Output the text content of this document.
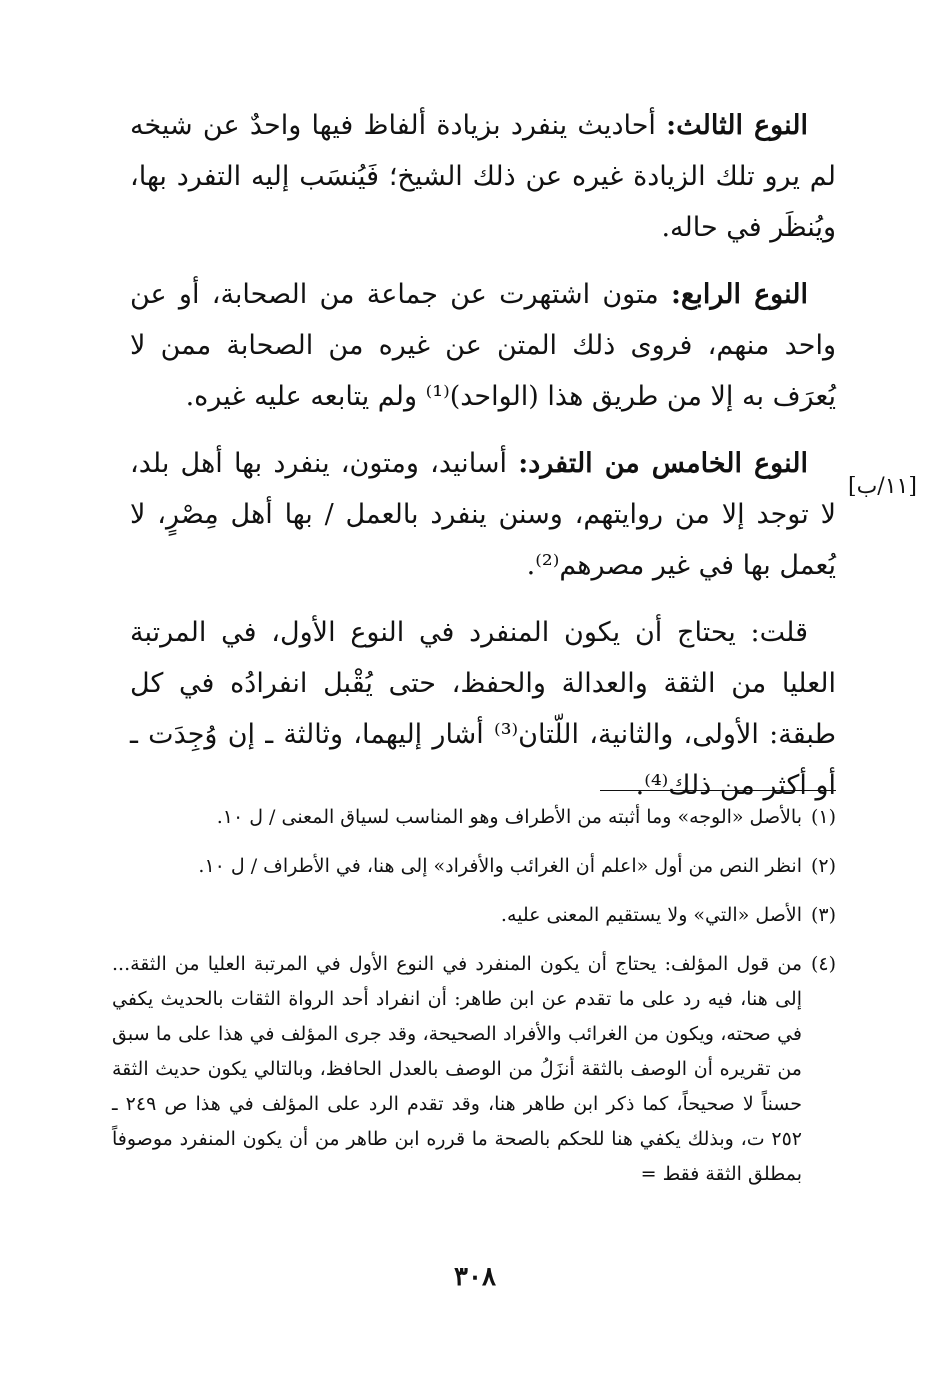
النوع الثالث: أحاديث ينفرد بزيادة ألفاظ فيها واحدٌ عن شيخه لم يرو تلك الزيادة غيره عن ذلك الشيخ؛ فَيُنسَب إليه التفرد بها، ويُنظَر في حاله.

النوع الرابع: متون اشتهرت عن جماعة من الصحابة، أو عن واحد منهم، فروى ذلك المتن عن غيره من الصحابة ممن لا يُعرَف به إلا من طريق هذا (الواحد)⁽¹⁾ ولم يتابعه عليه غيره.

النوع الخامس من التفرد: أسانيد، ومتون، ينفرد بها أهل بلد، لا توجد إلا من روايتهم، وسنن ينفرد بالعمل / بها أهل مِصْرٍ، لا يُعمل بها في غير مصرهم⁽²⁾.

قلت: يحتاج أن يكون المنفرد في النوع الأول، في المرتبة العليا من الثقة والعدالة والحفظ، حتى يُقْبل انفرادُه في كل طبقة: الأولى، والثانية، اللّتان⁽³⁾ أشار إليهما، وثالثة ـ إن وُجِدَت ـ أو أكثر من ذلك⁽⁴⁾.

[١١/ب]
(١)بالأصل «الوجه» وما أثبته من الأطراف وهو المناسب لسياق المعنى / ل ١٠.
(٢)انظر النص من أول «اعلم أن الغرائب والأفراد» إلى هنا، في الأطراف / ل ١٠.
(٣)الأصل «التي» ولا يستقيم المعنى عليه.
(٤)من قول المؤلف: يحتاج أن يكون المنفرد في النوع الأول في المرتبة العليا من الثقة... إلى هنا، فيه رد على ما تقدم عن ابن طاهر: أن انفراد أحد الرواة الثقات بالحديث يكفي في صحته، ويكون من الغرائب والأفراد الصحيحة، وقد جرى المؤلف في هذا على ما سبق من تقريره أن الوصف بالثقة أنزَلُ من الوصف بالعدل الحافظ، وبالتالي يكون حديث الثقة حسناً لا صحيحاً، كما ذكر ابن طاهر هنا، وقد تقدم الرد على المؤلف في هذا ص ٢٤٩ ـ ٢٥٢ ت، وبذلك يكفي هنا للحكم بالصحة ما قرره ابن طاهر من أن يكون المنفرد موصوفاً بمطلق الثقة فقط =
٣٠٨
